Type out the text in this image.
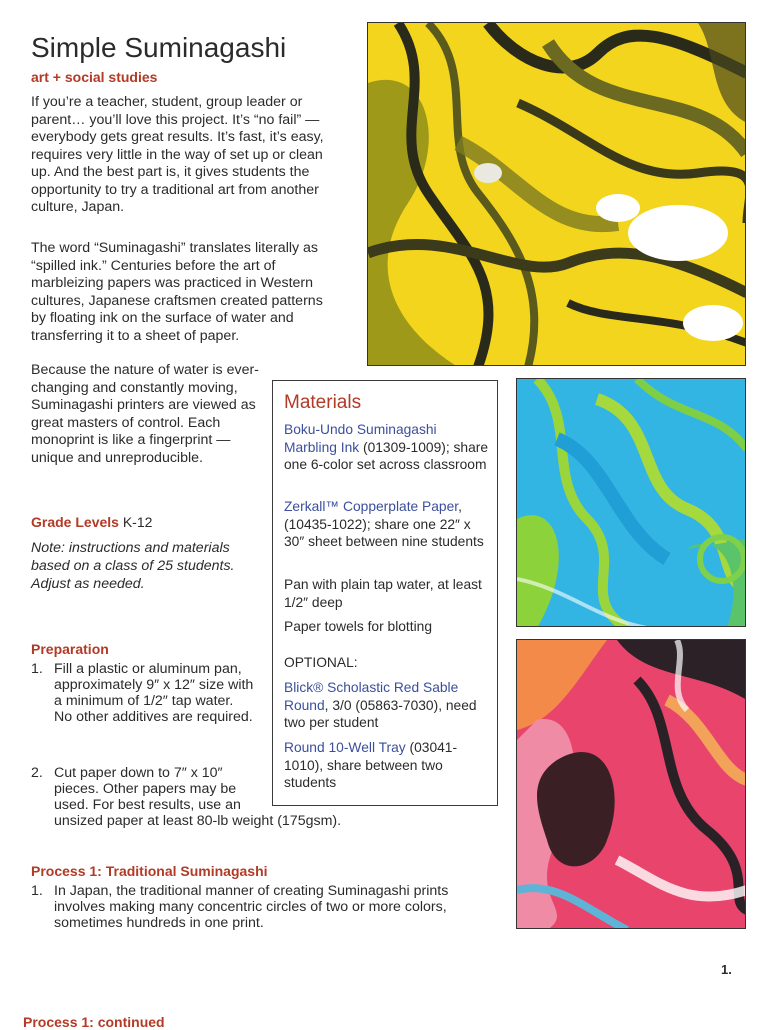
Simple Suminagashi
art + social studies

If you’re a teacher, student, group leader or parent… you’ll love this project. It’s “no fail” — everybody gets great results. It’s fast, it’s easy, requires very little in the way of set up or clean up. And the best part is, it gives students the opportunity to try a traditional art from another culture, Japan.

The word “Suminagashi” translates literally as “spilled ink.” Centuries before the art of marbleizing papers was practiced in Western cultures, Japanese craftsmen created patterns by floating ink on the surface of water and transferring it to a sheet of paper.

Because the nature of water is ever-changing and constantly moving, Suminagashi printers are viewed as great masters of control. Each monoprint is like a fingerprint — unique and unreproducible.

Grade Levels K-12
Note: instructions and materials based on a class of 25 students. Adjust as needed.
Preparation
1. Fill a plastic or aluminum pan, approximately 9″ x 12″ size with a minimum of 1/2″ tap water. No other additives are required.
2. Cut paper down to 7″ x 10″ pieces. Other papers may be used. For best results, use an
unsized paper at least 80-lb weight (175gsm).
Process 1: Traditional Suminagashi
1. In Japan, the traditional manner of creating Suminagashi prints involves making many concentric circles of two or more colors, sometimes hundreds in one print.
1.
Process 1: continued
Materials

Boku-Undo Suminagashi Marbling Ink (01309-1009); share one 6-color set across classroom

Zerkall™ Copperplate Paper, (10435-1022); share one 22″ x 30″ sheet between nine students

Pan with plain tap water, at least 1/2″ deep

Paper towels for blotting

OPTIONAL:

Blick® Scholastic Red Sable Round, 3/0 (05863-7030), need two per student

Round 10-Well Tray (03041-1010), share between two students
